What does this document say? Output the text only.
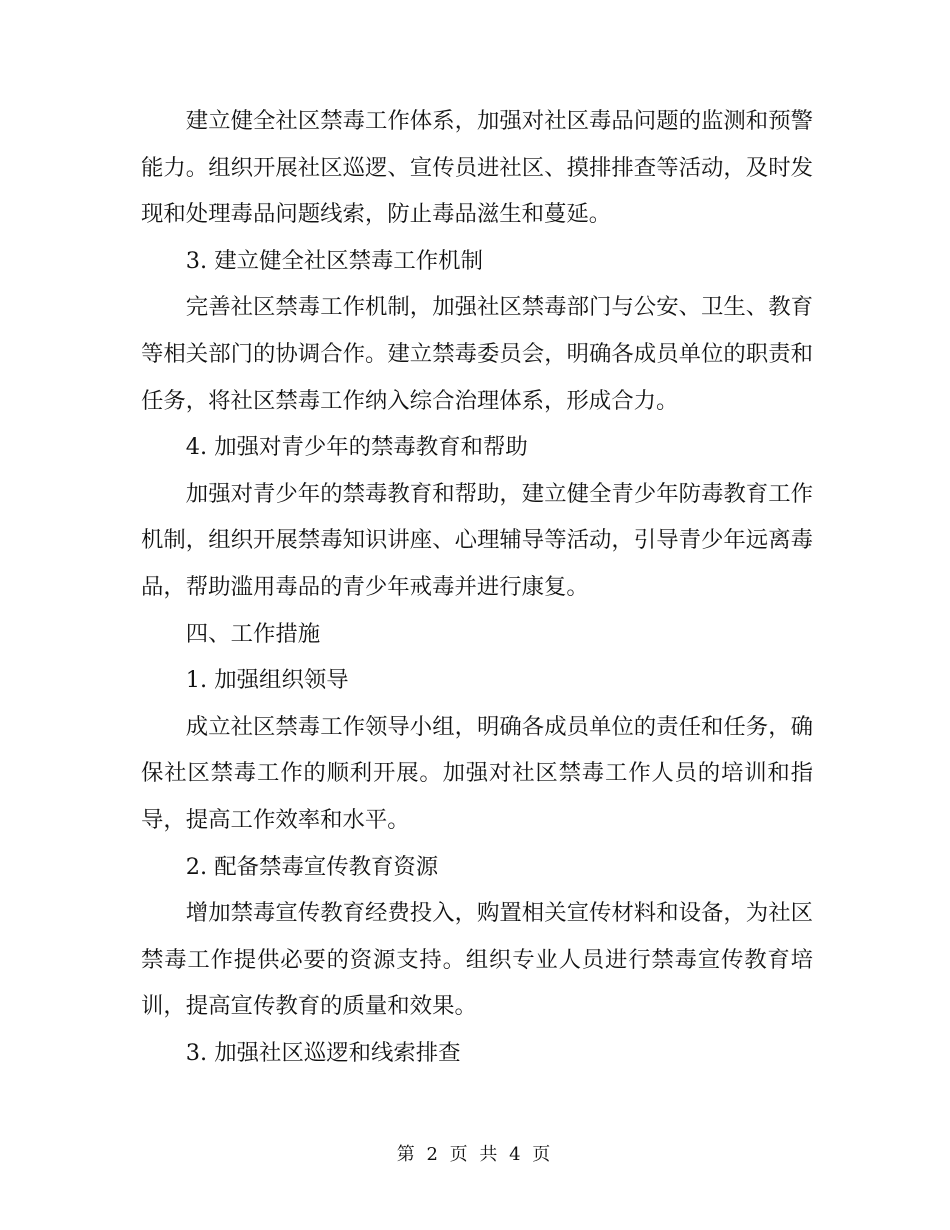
建立健全社区禁毒工作体系，加强对社区毒品问题的监测和预警能力。组织开展社区巡逻、宣传员进社区、摸排排查等活动，及时发现和处理毒品问题线索，防止毒品滋生和蔓延。

3. 建立健全社区禁毒工作机制

完善社区禁毒工作机制，加强社区禁毒部门与公安、卫生、教育等相关部门的协调合作。建立禁毒委员会，明确各成员单位的职责和任务，将社区禁毒工作纳入综合治理体系，形成合力。

4. 加强对青少年的禁毒教育和帮助

加强对青少年的禁毒教育和帮助，建立健全青少年防毒教育工作机制，组织开展禁毒知识讲座、心理辅导等活动，引导青少年远离毒品，帮助滥用毒品的青少年戒毒并进行康复。

四、工作措施

1. 加强组织领导

成立社区禁毒工作领导小组，明确各成员单位的责任和任务，确保社区禁毒工作的顺利开展。加强对社区禁毒工作人员的培训和指导，提高工作效率和水平。

2. 配备禁毒宣传教育资源

增加禁毒宣传教育经费投入，购置相关宣传材料和设备，为社区禁毒工作提供必要的资源支持。组织专业人员进行禁毒宣传教育培训，提高宣传教育的质量和效果。

3. 加强社区巡逻和线索排查

第 2 页 共 4 页
